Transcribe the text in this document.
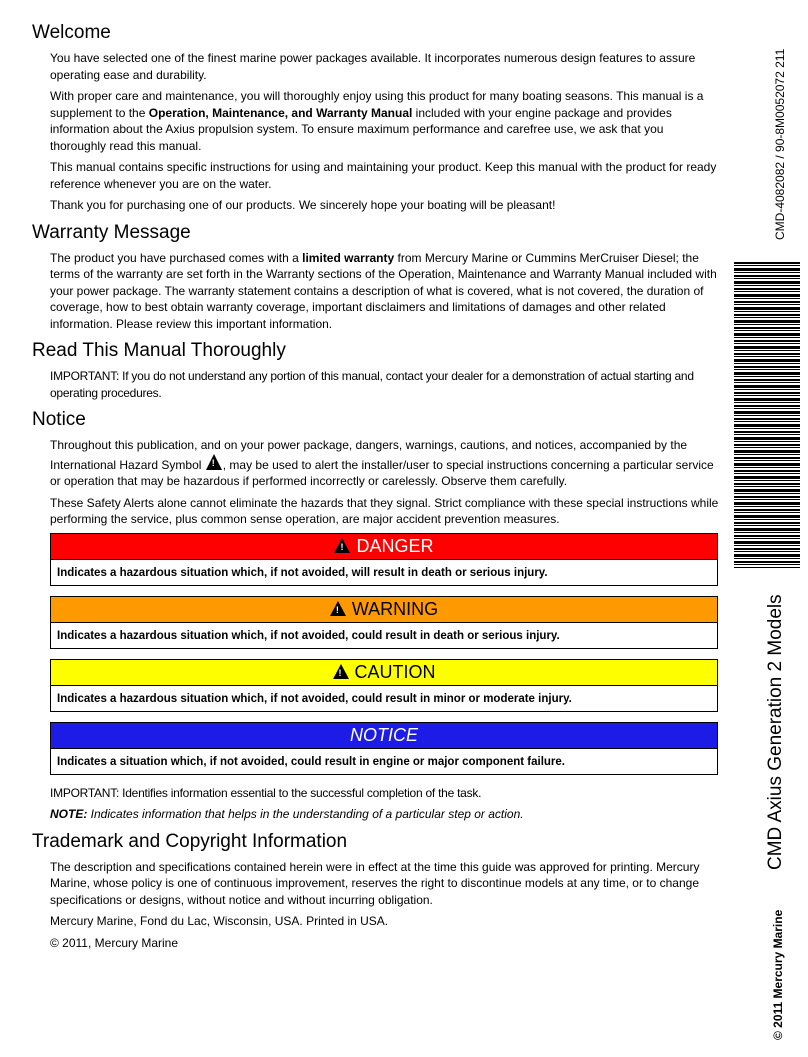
Welcome

You have selected one of the finest marine power packages available. It incorporates numerous design features to assure operating ease and durability.

With proper care and maintenance, you will thoroughly enjoy using this product for many boating seasons. This manual is a supplement to the Operation, Maintenance, and Warranty Manual included with your engine package and provides information about the Axius propulsion system. To ensure maximum performance and carefree use, we ask that you thoroughly read this manual.

This manual contains specific instructions for using and maintaining your product. Keep this manual with the product for ready reference whenever you are on the water.

Thank you for purchasing one of our products. We sincerely hope your boating will be pleasant!

Warranty Message

The product you have purchased comes with a limited warranty from Mercury Marine or Cummins MerCruiser Diesel; the terms of the warranty are set forth in the Warranty sections of the Operation, Maintenance and Warranty Manual included with your power package. The warranty statement contains a description of what is covered, what is not covered, the duration of coverage, how to best obtain warranty coverage, important disclaimers and limitations of damages and other related information. Please review this important information.

Read This Manual Thoroughly

IMPORTANT: If you do not understand any portion of this manual, contact your dealer for a demonstration of actual starting and operating procedures.

Notice

Throughout this publication, and on your power package, dangers, warnings, cautions, and notices, accompanied by the International Hazard Symbol !, may be used to alert the installer/user to special instructions concerning a particular service or operation that may be hazardous if performed incorrectly or carelessly. Observe them carefully.

These Safety Alerts alone cannot eliminate the hazards that they signal. Strict compliance with these special instructions while performing the service, plus common sense operation, are major accident prevention measures.

!DANGER
Indicates a hazardous situation which, if not avoided, will result in death or serious injury.
!WARNING
Indicates a hazardous situation which, if not avoided, could result in death or serious injury.
!CAUTION
Indicates a hazardous situation which, if not avoided, could result in minor or moderate injury.
NOTICE
Indicates a situation which, if not avoided, could result in engine or major component failure.

IMPORTANT: Identifies information essential to the successful completion of the task.

NOTE: Indicates information that helps in the understanding of a particular step or action.

Trademark and Copyright Information

The description and specifications contained herein were in effect at the time this guide was approved for printing. Mercury Marine, whose policy is one of continuous improvement, reserves the right to discontinue models at any time, or to change specifications or designs, without notice and without incurring obligation.

Mercury Marine, Fond du Lac, Wisconsin, USA. Printed in USA.

© 2011, Mercury Marine

CMD-4082082 / 90-8M0052072 211
CMD Axius Generation 2 Models
© 2011 Mercury Marine
